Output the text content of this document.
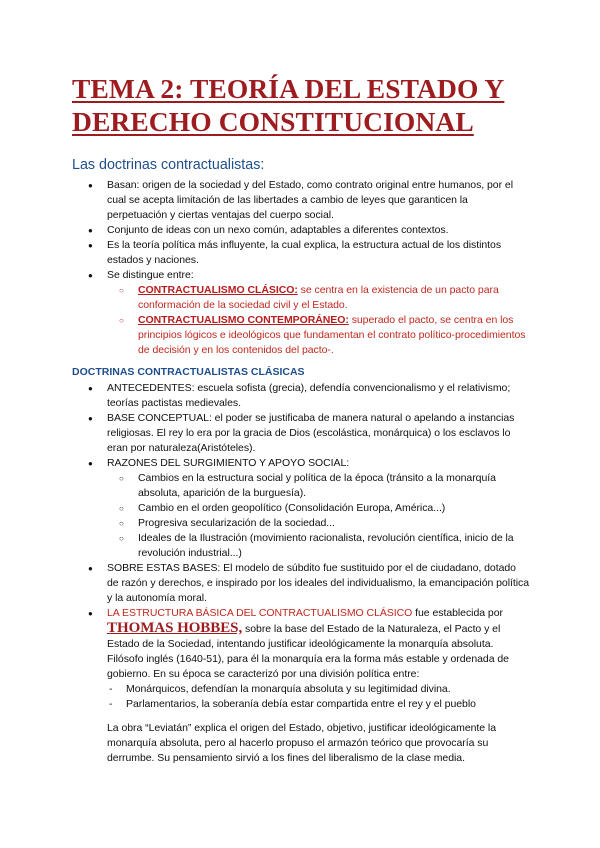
TEMA 2: TEORÍA DEL ESTADO Y DERECHO CONSTITUCIONAL
Las doctrinas contractualistas:
● Basan: origen de la sociedad y del Estado, como contrato original entre humanos, por el cual se acepta limitación de las libertades a cambio de leyes que garanticen la perpetuación y ciertas ventajas del cuerpo social.
● Conjunto de ideas con un nexo común, adaptables a diferentes contextos.
● Es la teoría política más influyente, la cual explica, la estructura actual de los distintos estados y naciones.
● Se distingue entre:
○ CONTRACTUALISMO CLÁSICO: se centra en la existencia de un pacto para conformación de la sociedad civil y el Estado.
○ CONTRACTUALISMO CONTEMPORÁNEO: superado el pacto, se centra en los principios lógicos e ideológicos que fundamentan el contrato político-procedimientos de decisión y en los contenidos del pacto-.
DOCTRINAS CONTRACTUALISTAS CLÁSICAS
● ANTECEDENTES: escuela sofista (grecia), defendía convencionalismo y el relativismo; teorías pactistas medievales.
● BASE CONCEPTUAL: el poder se justificaba de manera natural o apelando a instancias religiosas. El rey lo era por la gracia de Dios (escolástica, monárquica) o los esclavos lo eran por naturaleza(Aristóteles).
● RAZONES DEL SURGIMIENTO Y APOYO SOCIAL:
○ Cambios en la estructura social y política de la época (tránsito a la monarquía absoluta, aparición de la burguesía).
○ Cambio en el orden geopolítico (Consolidación Europa, América...)
○ Progresiva secularización de la sociedad...
○ Ideales de la Ilustración (movimiento racionalista, revolución científica, inicio de la revolución industrial...)
● SOBRE ESTAS BASES: El modelo de súbdito fue sustituido por el de ciudadano, dotado de razón y derechos, e inspirado por los ideales del individualismo, la emancipación política y la autonomía moral.
● LA ESTRUCTURA BÁSICA DEL CONTRACTUALISMO CLÁSICO fue establecida por THOMAS HOBBES, sobre la base del Estado de la Naturaleza, el Pacto y el Estado de la Sociedad, intentando justificar ideológicamente la monarquía absoluta. Filósofo inglés (1640-51), para él la monarquía era la forma más estable y ordenada de gobierno. En su época se caracterizó por una división política entre:
- Monárquicos, defendían la monarquía absoluta y su legitimidad divina.
- Parlamentarios, la soberanía debía estar compartida entre el rey y el pueblo

La obra “Leviatán” explica el origen del Estado, objetivo, justificar ideológicamente la monarquía absoluta, pero al hacerlo propuso el armazón teórico que provocaría su derrumbe. Su pensamiento sirvió a los fines del liberalismo de la clase media.
